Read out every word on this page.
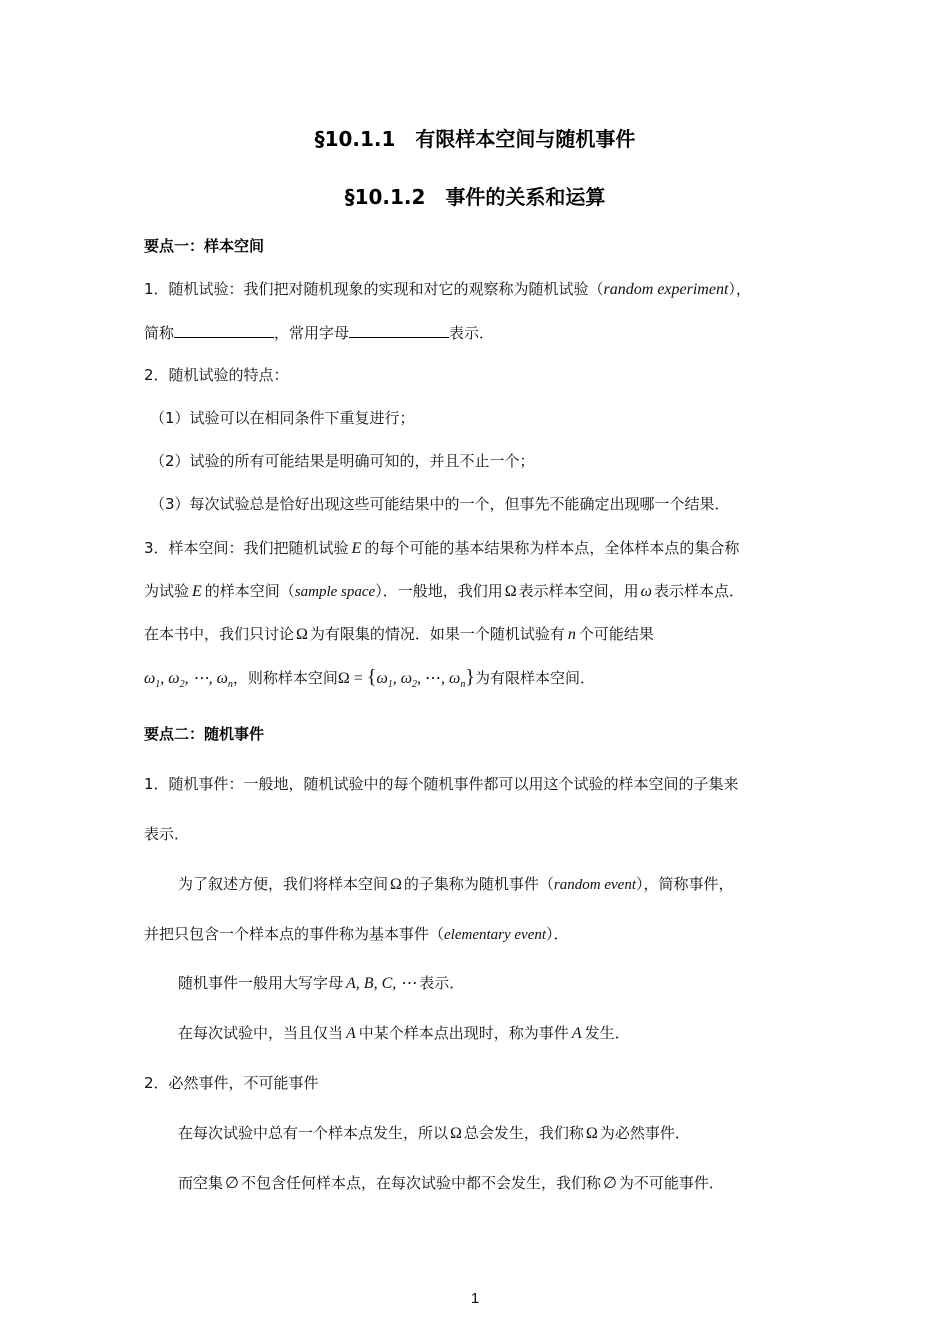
§10.1.1　有限样本空间与随机事件
§10.1.2　事件的关系和运算
要点一：样本空间
1．随机试验：我们把对随机现象的实现和对它的观察称为随机试验（random experiment），
简称	，常用字母	表示．
2．随机试验的特点：
（1）试验可以在相同条件下重复进行；
（2）试验的所有可能结果是明确可知的，并且不止一个；
（3）每次试验总是恰好出现这些可能结果中的一个，但事先不能确定出现哪一个结果．
3．样本空间：我们把随机试验 E 的每个可能的基本结果称为样本点，全体样本点的集合称
为试验 E 的样本空间（sample space）．一般地，我们用 Ω 表示样本空间，用 ω 表示样本点．
在本书中，我们只讨论 Ω 为有限集的情况．如果一个随机试验有 n 个可能结果
$\omega_1$, $\omega_2$, ⋯, $\omega_n$，则称样本空间$\Omega = \{\omega_1$, $\omega_2$, ⋯, $\omega_n$}为有限样本空间．
要点二：随机事件
1．随机事件：一般地，随机试验中的每个随机事件都可以用这个试验的样本空间的子集来
表示．
为了叙述方便，我们将样本空间 Ω 的子集称为随机事件（random event），简称事件，
并把只包含一个样本点的事件称为基本事件（elementary event）．
随机事件一般用大写字母 A, B, C, ⋯ 表示．
在每次试验中，当且仅当 A 中某个样本点出现时，称为事件 A 发生．
2．必然事件，不可能事件
在每次试验中总有一个样本点发生，所以 Ω 总会发生，我们称 Ω 为必然事件．
而空集 ∅ 不包含任何样本点，在每次试验中都不会发生，我们称 ∅ 为不可能事件．
1
